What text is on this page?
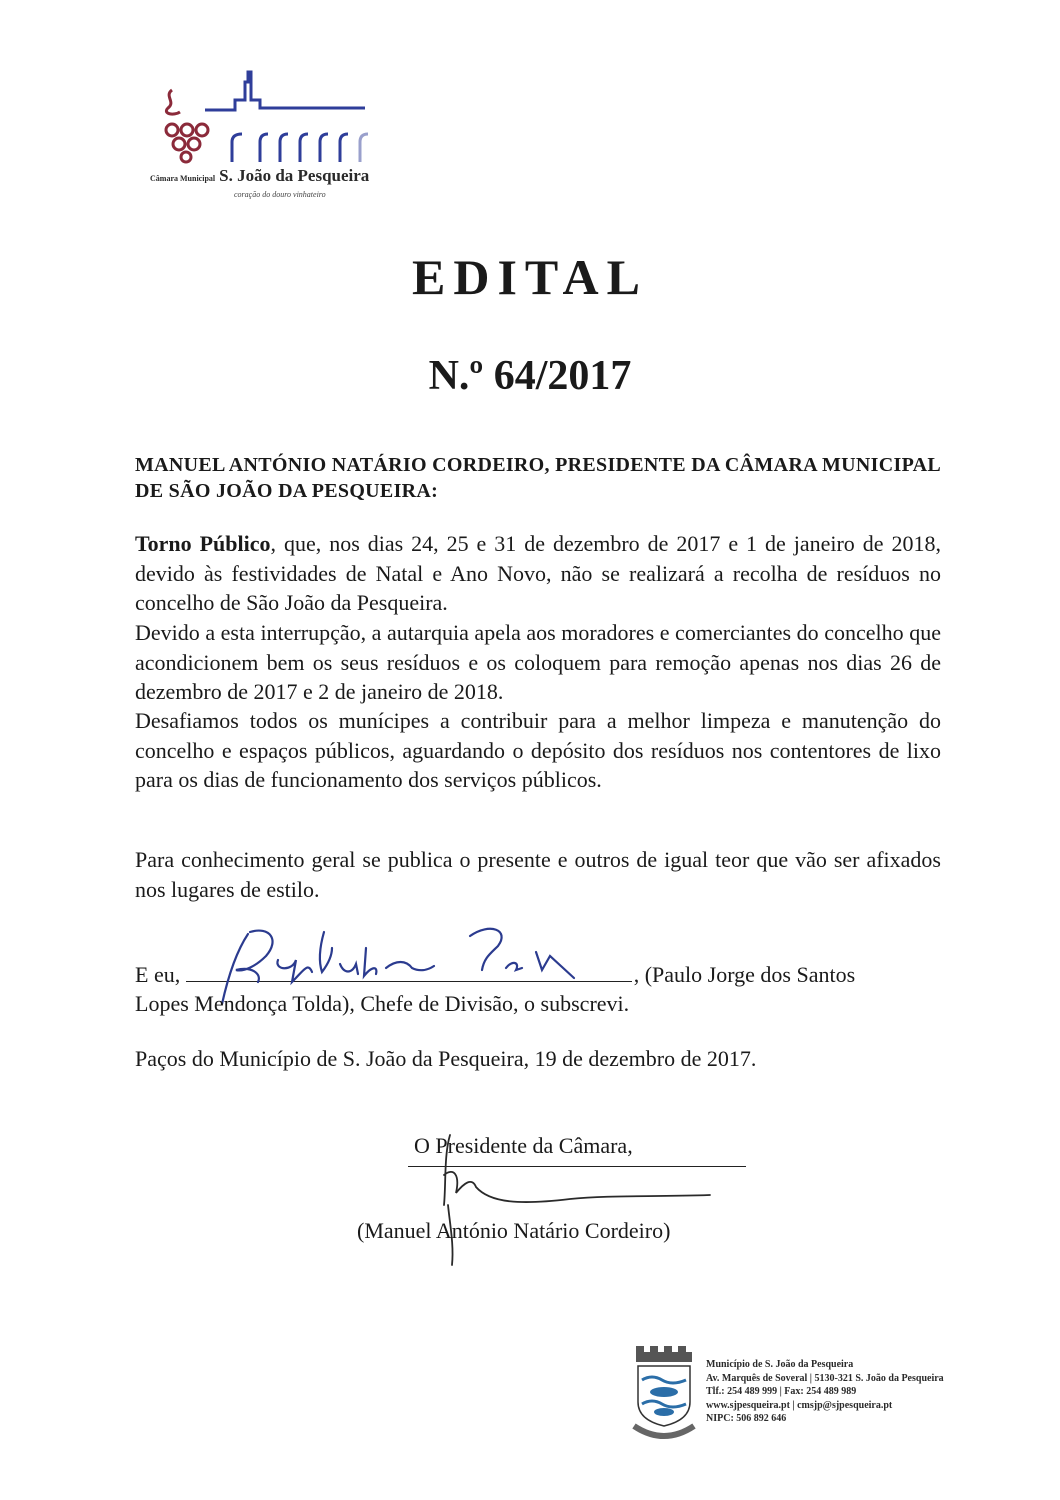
Câmara Municipal S. João da Pesqueira
coração do douro vinhateiro
EDITAL
N.º 64/2017
MANUEL ANTÓNIO NATÁRIO CORDEIRO, PRESIDENTE DA CÂMARA MUNICIPAL DE SÃO JOÃO DA PESQUEIRA:
Torno Público, que, nos dias 24, 25 e 31 de dezembro de 2017 e 1 de janeiro de 2018, devido às festividades de Natal e Ano Novo, não se realizará a recolha de resíduos no concelho de São João da Pesqueira.
Devido a esta interrupção, a autarquia apela aos moradores e comerciantes do concelho que acondicionem bem os seus resíduos e os coloquem para remoção apenas nos dias 26 de dezembro de 2017 e 2 de janeiro de 2018.
Desafiamos todos os munícipes a contribuir para a melhor limpeza e manutenção do concelho e espaços públicos, aguardando o depósito dos resíduos nos contentores de lixo para os dias de funcionamento dos serviços públicos.
Para conhecimento geral se publica o presente e outros de igual teor que vão ser afixados nos lugares de estilo.
E eu,	, (Paulo Jorge dos Santos
Lopes Mendonça Tolda), Chefe de Divisão, o subscrevi.
Paços do Município de S. João da Pesqueira, 19 de dezembro de 2017.
O Presidente da Câmara,
(Manuel António Natário Cordeiro)
Município de S. João da Pesqueira
Av. Marquês de Soveral | 5130-321 S. João da Pesqueira
Tlf.: 254 489 999 | Fax: 254 489 989
www.sjpesqueira.pt | cmsjp@sjpesqueira.pt
NIPC: 506 892 646
